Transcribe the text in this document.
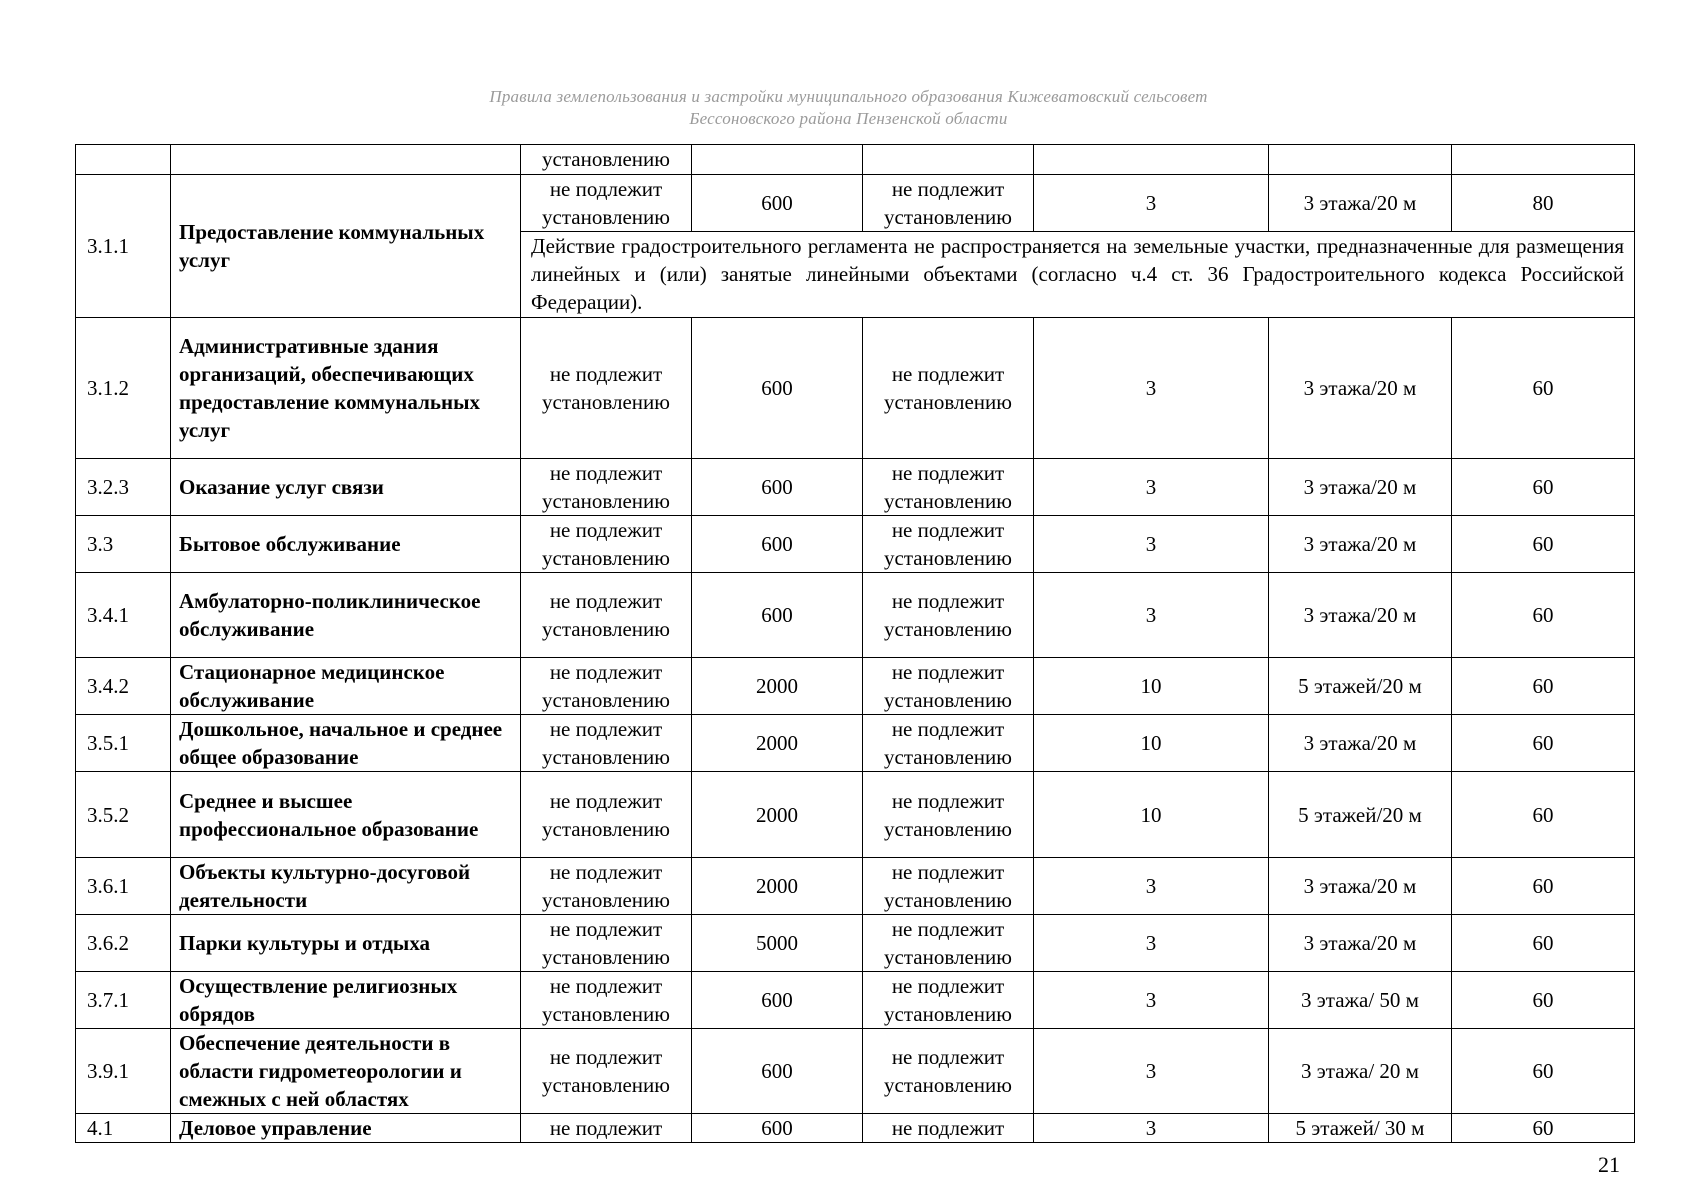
Правила землепользования и застройки муниципального образования Кижеватовский сельсовет
Бессоновского района Пензенской области
		установлению					
3.1.1	Предоставление коммунальных услуг	не подлежит установлению	600	не подлежит установлению	3	3 этажа/20 м	80
		Действие градостроительного регламента не распространяется на земельные участки, предназначенные для размещения линейных и (или) занятые линейными объектами (согласно ч.4 ст. 36 Градостроительного кодекса Российской Федерации).					
3.1.2	Административные здания организаций, обеспечивающих предоставление коммунальных услуг	не подлежит установлению	600	не подлежит установлению	3	3 этажа/20 м	60
3.2.3	Оказание услуг связи	не подлежит установлению	600	не подлежит установлению	3	3 этажа/20 м	60
3.3	Бытовое обслуживание	не подлежит установлению	600	не подлежит установлению	3	3 этажа/20 м	60
3.4.1	Амбулаторно-поликлиническое обслуживание	не подлежит установлению	600	не подлежит установлению	3	3 этажа/20 м	60
3.4.2	Стационарное медицинское обслуживание	не подлежит установлению	2000	не подлежит установлению	10	5 этажей/20 м	60
3.5.1	Дошкольное, начальное и среднее общее образование	не подлежит установлению	2000	не подлежит установлению	10	3 этажа/20 м	60
3.5.2	Среднее и высшее профессиональное образование	не подлежит установлению	2000	не подлежит установлению	10	5 этажей/20 м	60
3.6.1	Объекты культурно-досуговой деятельности	не подлежит установлению	2000	не подлежит установлению	3	3 этажа/20 м	60
3.6.2	Парки культуры и отдыха	не подлежит установлению	5000	не подлежит установлению	3	3 этажа/20 м	60
3.7.1	Осуществление религиозных обрядов	не подлежит установлению	600	не подлежит установлению	3	3 этажа/ 50 м	60
3.9.1	Обеспечение деятельности в области гидрометеорологии и смежных с ней областях	не подлежит установлению	600	не подлежит установлению	3	3 этажа/ 20 м	60
4.1	Деловое управление	не подлежит	600	не подлежит	3	5 этажей/ 30 м	60
21
